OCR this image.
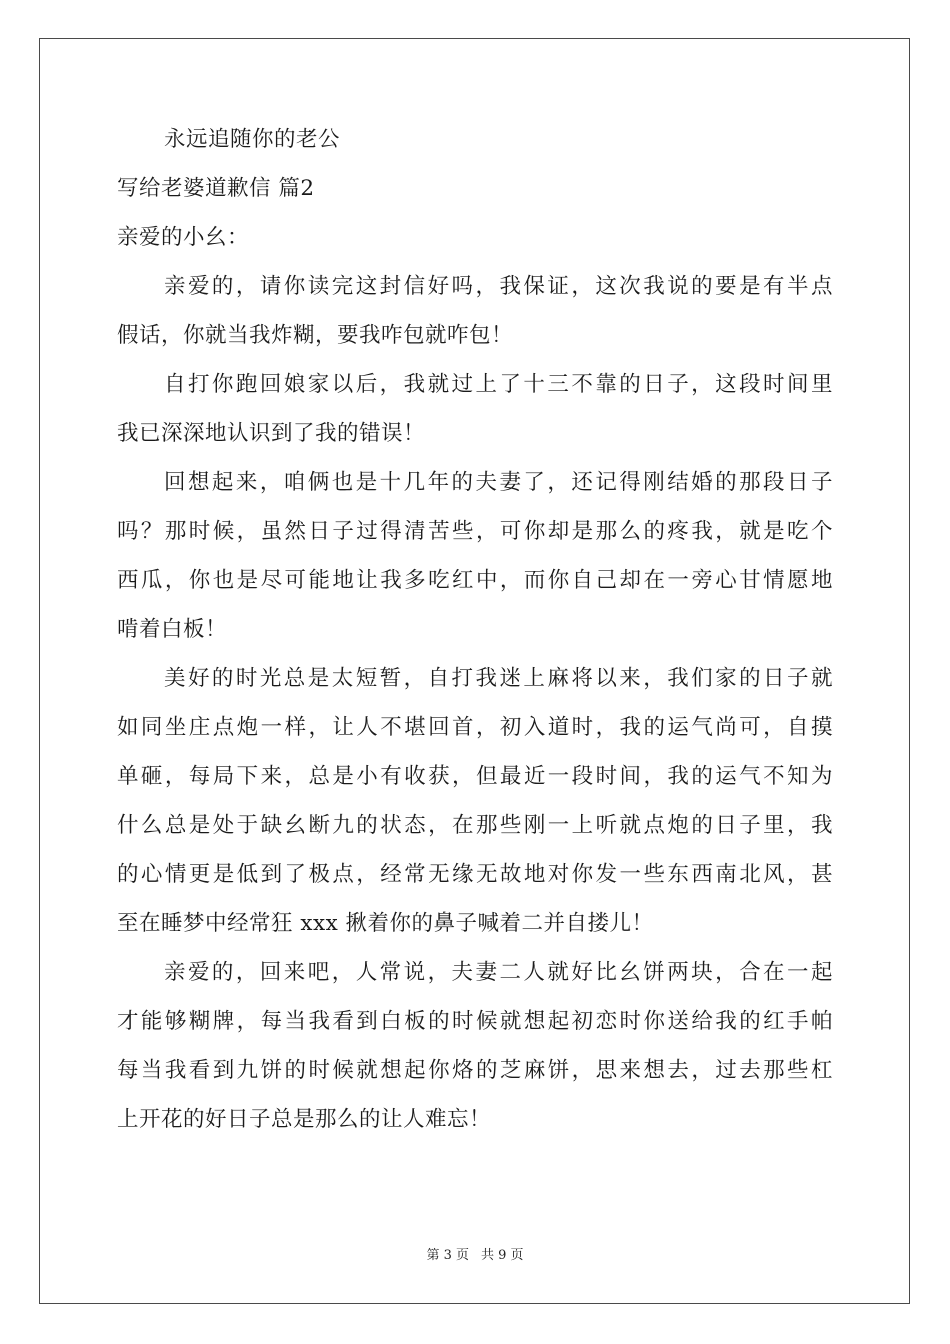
永远追随你的老公
写给老婆道歉信 篇2
亲爱的小幺：
亲爱的，请你读完这封信好吗，我保证，这次我说的要是有半点
假话，你就当我炸糊，要我咋包就咋包！
自打你跑回娘家以后，我就过上了十三不靠的日子，这段时间里
我已深深地认识到了我的错误！
回想起来，咱俩也是十几年的夫妻了，还记得刚结婚的那段日子
吗？那时候，虽然日子过得清苦些，可你却是那么的疼我，就是吃个
西瓜，你也是尽可能地让我多吃红中，而你自己却在一旁心甘情愿地
啃着白板！
美好的时光总是太短暂，自打我迷上麻将以来，我们家的日子就
如同坐庄点炮一样，让人不堪回首，初入道时，我的运气尚可，自摸
单砸，每局下来，总是小有收获，但最近一段时间，我的运气不知为
什么总是处于缺幺断九的状态，在那些刚一上听就点炮的日子里，我
的心情更是低到了极点，经常无缘无故地对你发一些东西南北风，甚
至在睡梦中经常狂 xxx 揪着你的鼻子喊着二并自搂儿！
亲爱的，回来吧，人常说，夫妻二人就好比幺饼两块，合在一起
才能够糊牌，每当我看到白板的时候就想起初恋时你送给我的红手帕
每当我看到九饼的时候就想起你烙的芝麻饼，思来想去，过去那些杠
上开花的好日子总是那么的让人难忘！
第 3 页 共 9 页
